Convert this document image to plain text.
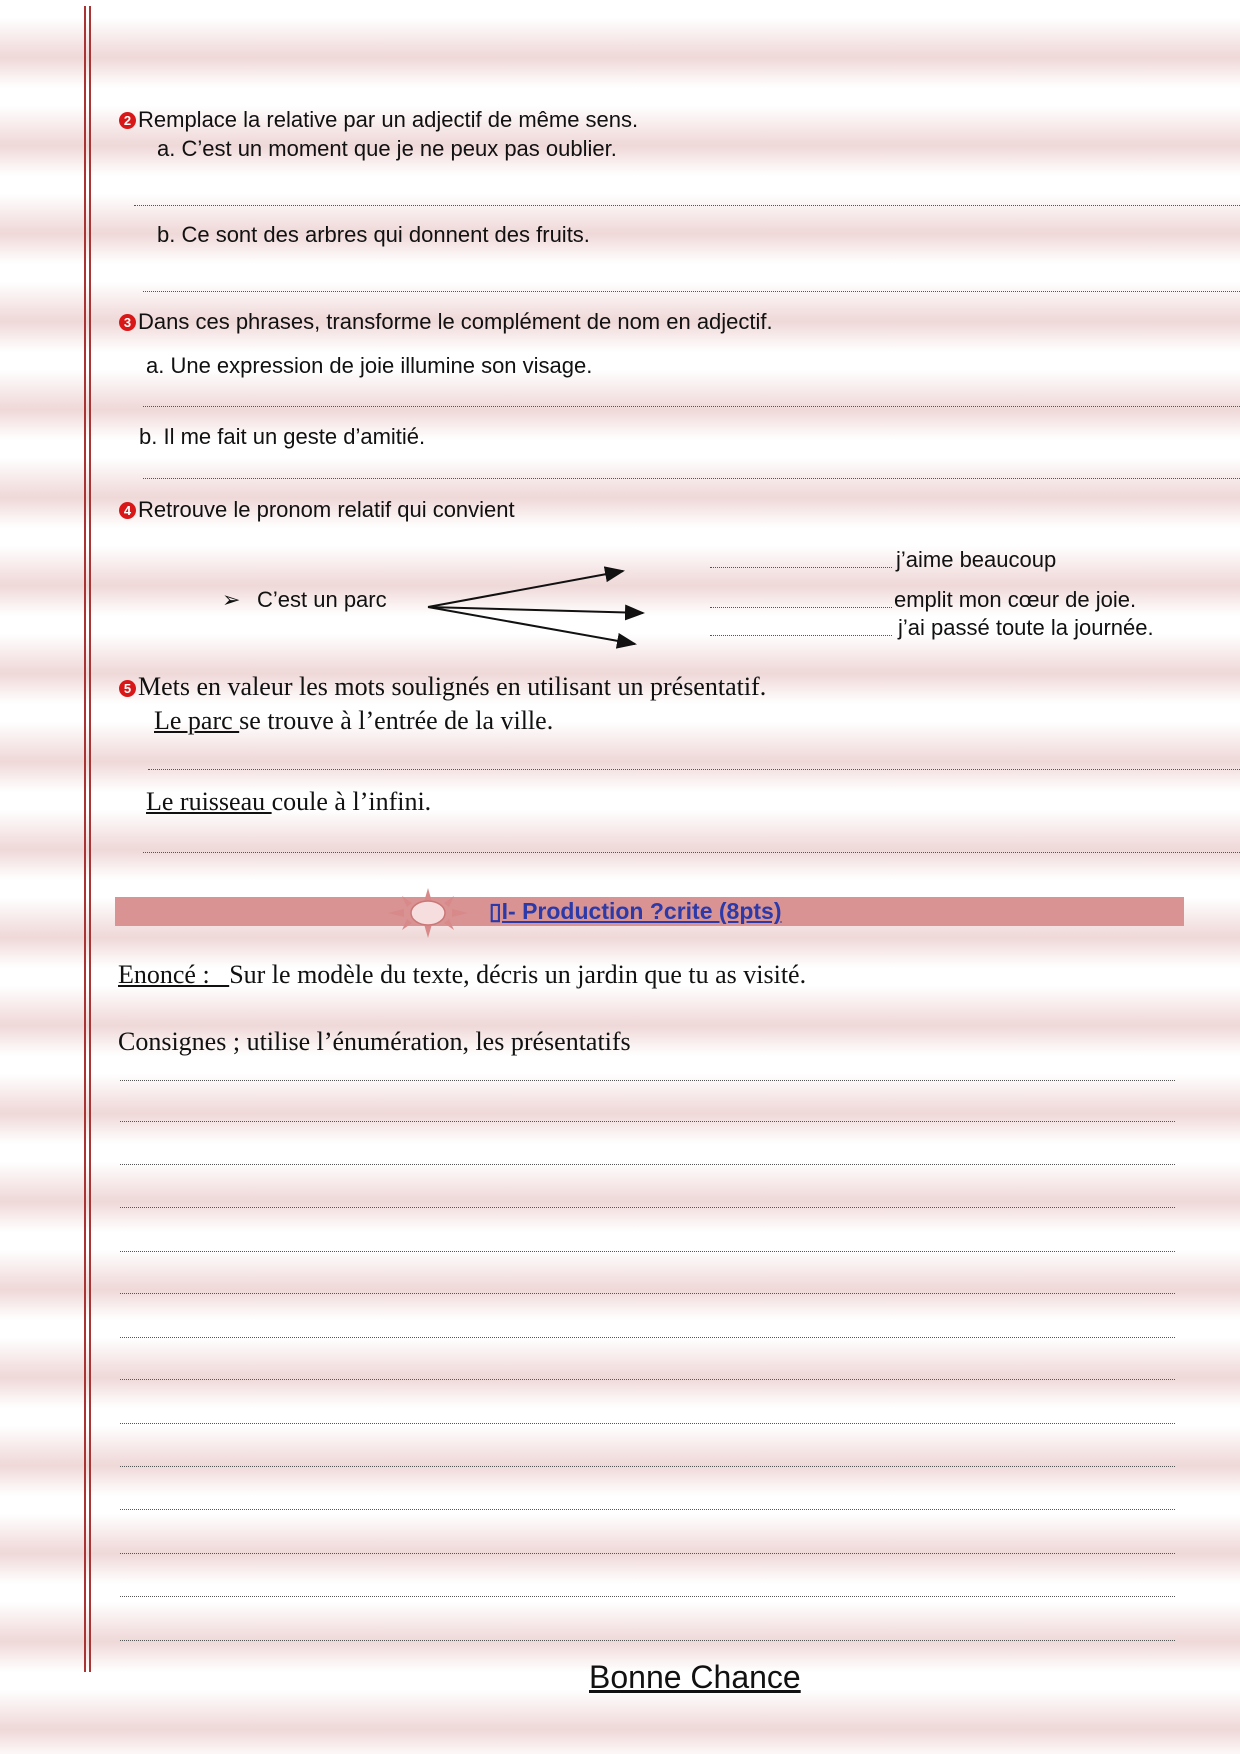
2 Remplace la relative par un adjectif de même sens.
a. C’est un moment que je ne peux pas oublier.
b. Ce sont des arbres qui donnent des fruits.
3 Dans ces phrases, transforme le complément de nom en adjectif.
a. Une expression de joie illumine son visage.
b. Il me fait un geste d’amitié.
4 Retrouve le pronom relatif qui convient
➢ C’est un parc
j’aime beaucoup
emplit mon cœur de joie.
j’ai passé toute la journée.
5 Mets en valeur les mots soulignés en utilisant un présentatif.
Le parc se trouve à l’entrée de la ville.
Le ruisseau coule à l’infini.
▯I- Production ?crite (8pts)
Enoncé :   Sur le modèle du texte, décris un jardin que tu as visité.
Consignes ; utilise l’énumération, les présentatifs
Bonne Chance
